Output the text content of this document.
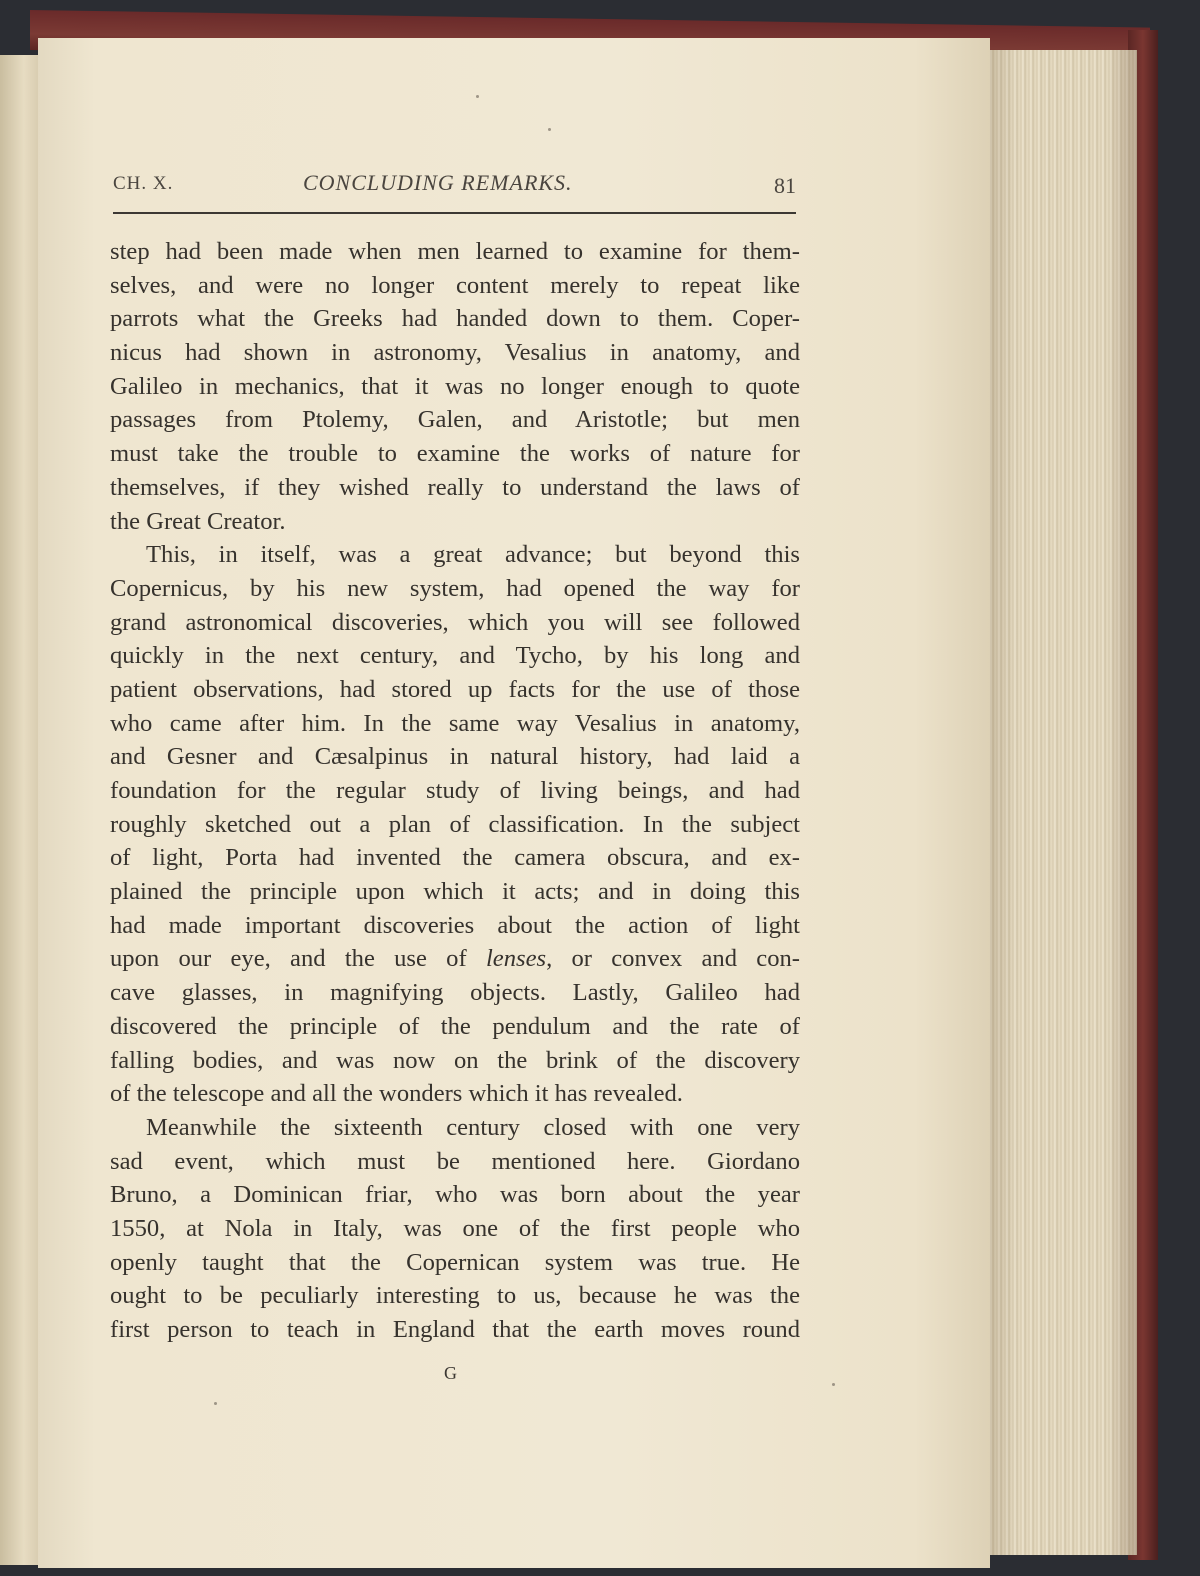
CH. X.	CONCLUDING REMARKS.	81
step had been made when men learned to examine for them-
selves, and were no longer content merely to repeat like
parrots what the Greeks had handed down to them. Coper-
nicus had shown in astronomy, Vesalius in anatomy, and
Galileo in mechanics, that it was no longer enough to quote
passages from Ptolemy, Galen, and Aristotle; but men
must take the trouble to examine the works of nature for
themselves, if they wished really to understand the laws of
the Great Creator.
This, in itself, was a great advance; but beyond this
Copernicus, by his new system, had opened the way for
grand astronomical discoveries, which you will see followed
quickly in the next century, and Tycho, by his long and
patient observations, had stored up facts for the use of those
who came after him. In the same way Vesalius in anatomy,
and Gesner and Cæsalpinus in natural history, had laid a
foundation for the regular study of living beings, and had
roughly sketched out a plan of classification. In the subject
of light, Porta had invented the camera obscura, and ex-
plained the principle upon which it acts; and in doing this
had made important discoveries about the action of light
upon our eye, and the use of lenses, or convex and con-
cave glasses, in magnifying objects. Lastly, Galileo had
discovered the principle of the pendulum and the rate of
falling bodies, and was now on the brink of the discovery
of the telescope and all the wonders which it has revealed.
Meanwhile the sixteenth century closed with one very
sad event, which must be mentioned here. Giordano
Bruno, a Dominican friar, who was born about the year
1550, at Nola in Italy, was one of the first people who
openly taught that the Copernican system was true. He
ought to be peculiarly interesting to us, because he was the
first person to teach in England that the earth moves round
G
